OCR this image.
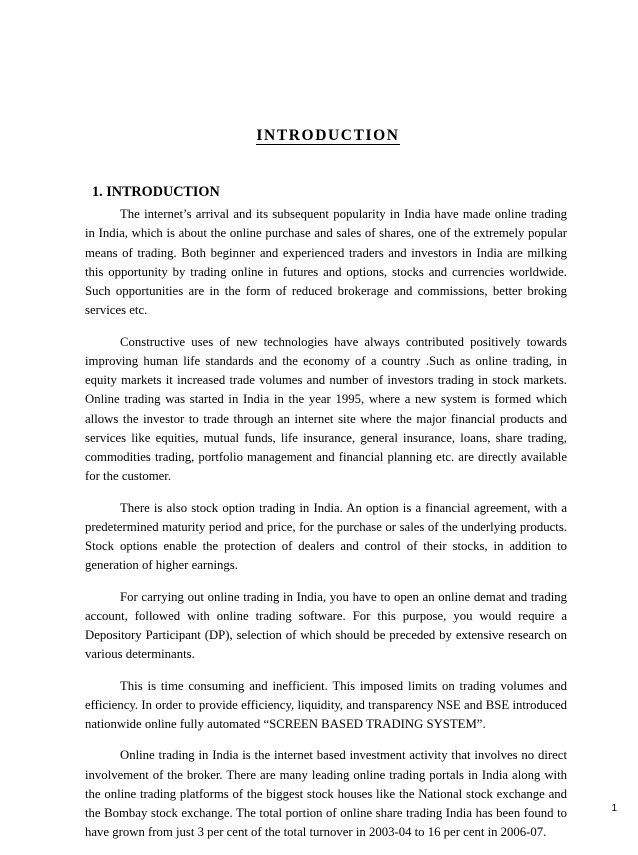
INTRODUCTION
1. INTRODUCTION

The internet’s arrival and its subsequent popularity in India have made online trading in India, which is about the online purchase and sales of shares, one of the extremely popular means of trading. Both beginner and experienced traders and investors in India are milking this opportunity by trading online in futures and options, stocks and currencies worldwide. Such opportunities are in the form of reduced brokerage and commissions, better broking services etc.

Constructive uses of new technologies have always contributed positively towards improving human life standards and the economy of a country .Such as online trading, in equity markets it increased trade volumes and number of investors trading in stock markets. Online trading was started in India in the year 1995, where a new system is formed which allows the investor to trade through an internet site where the major financial products and services like equities, mutual funds, life insurance, general insurance, loans, share trading, commodities trading, portfolio management and financial planning etc. are directly available for the customer.

There is also stock option trading in India. An option is a financial agreement, with a predetermined maturity period and price, for the purchase or sales of the underlying products. Stock options enable the protection of dealers and control of their stocks, in addition to generation of higher earnings.

For carrying out online trading in India, you have to open an online demat and trading account, followed with online trading software. For this purpose, you would require a Depository Participant (DP), selection of which should be preceded by extensive research on various determinants.

This is time consuming and inefficient. This imposed limits on trading volumes and efficiency. In order to provide efficiency, liquidity, and transparency NSE and BSE introduced nationwide online fully automated “SCREEN BASED TRADING SYSTEM”.

Online trading in India is the internet based investment activity that involves no direct involvement of the broker. There are many leading online trading portals in India along with the online trading platforms of the biggest stock houses like the National stock exchange and the Bombay stock exchange. The total portion of online share trading India has been found to have grown from just 3 per cent of the total turnover in 2003-04 to 16 per cent in 2006-07.

1
